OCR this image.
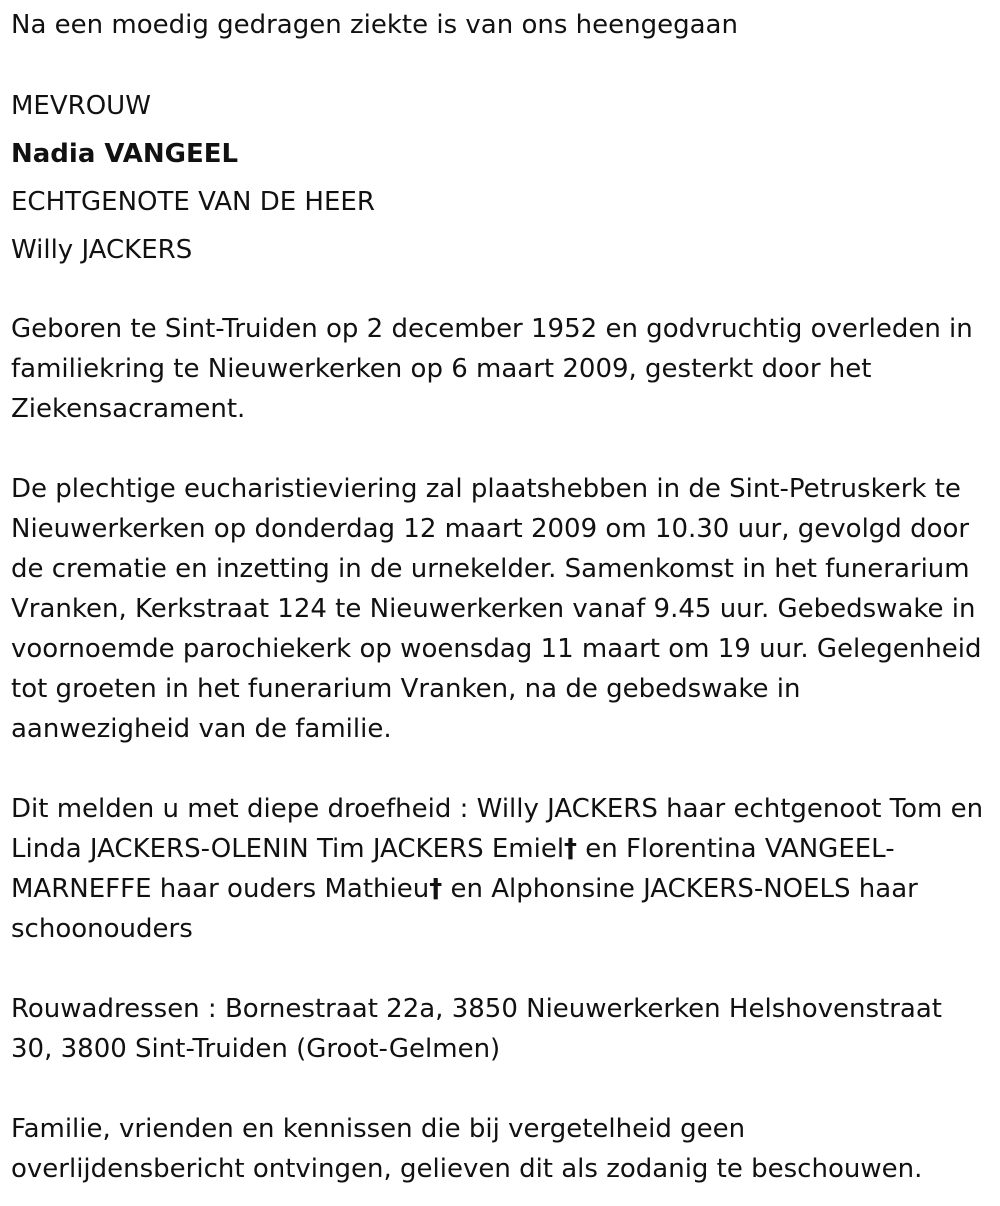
Na een moedig gedragen ziekte is van ons heengegaan

MEVROUW

Nadia VANGEEL

ECHTGENOTE VAN DE HEER

Willy JACKERS

Geboren te Sint-Truiden op 2 december 1952 en godvruchtig overleden in familiekring te Nieuwerkerken op 6 maart 2009, gesterkt door het Ziekensacrament.

De plechtige eucharistieviering zal plaatshebben in de Sint-Petruskerk te Nieuwerkerken op donderdag 12 maart 2009 om 10.30 uur, gevolgd door de crematie en inzetting in de urnekelder. Samenkomst in het funerarium Vranken, Kerkstraat 124 te Nieuwerkerken vanaf 9.45 uur. Gebedswake in voornoemde parochiekerk op woensdag 11 maart om 19 uur. Gelegenheid tot groeten in het funerarium Vranken, na de gebedswake in aanwezigheid van de familie.

Dit melden u met diepe droefheid : Willy JACKERS haar echtgenoot Tom en Linda JACKERS-OLENIN Tim JACKERS Emiel† en Florentina VANGEEL-MARNEFFE haar ouders Mathieu† en Alphonsine JACKERS-NOELS haar schoonouders

Rouwadressen : Bornestraat 22a, 3850 Nieuwerkerken Helshovenstraat 30, 3800 Sint-Truiden (Groot-Gelmen)

Familie, vrienden en kennissen die bij vergetelheid geen overlijdensbericht ontvingen, gelieven dit als zodanig te beschouwen.
